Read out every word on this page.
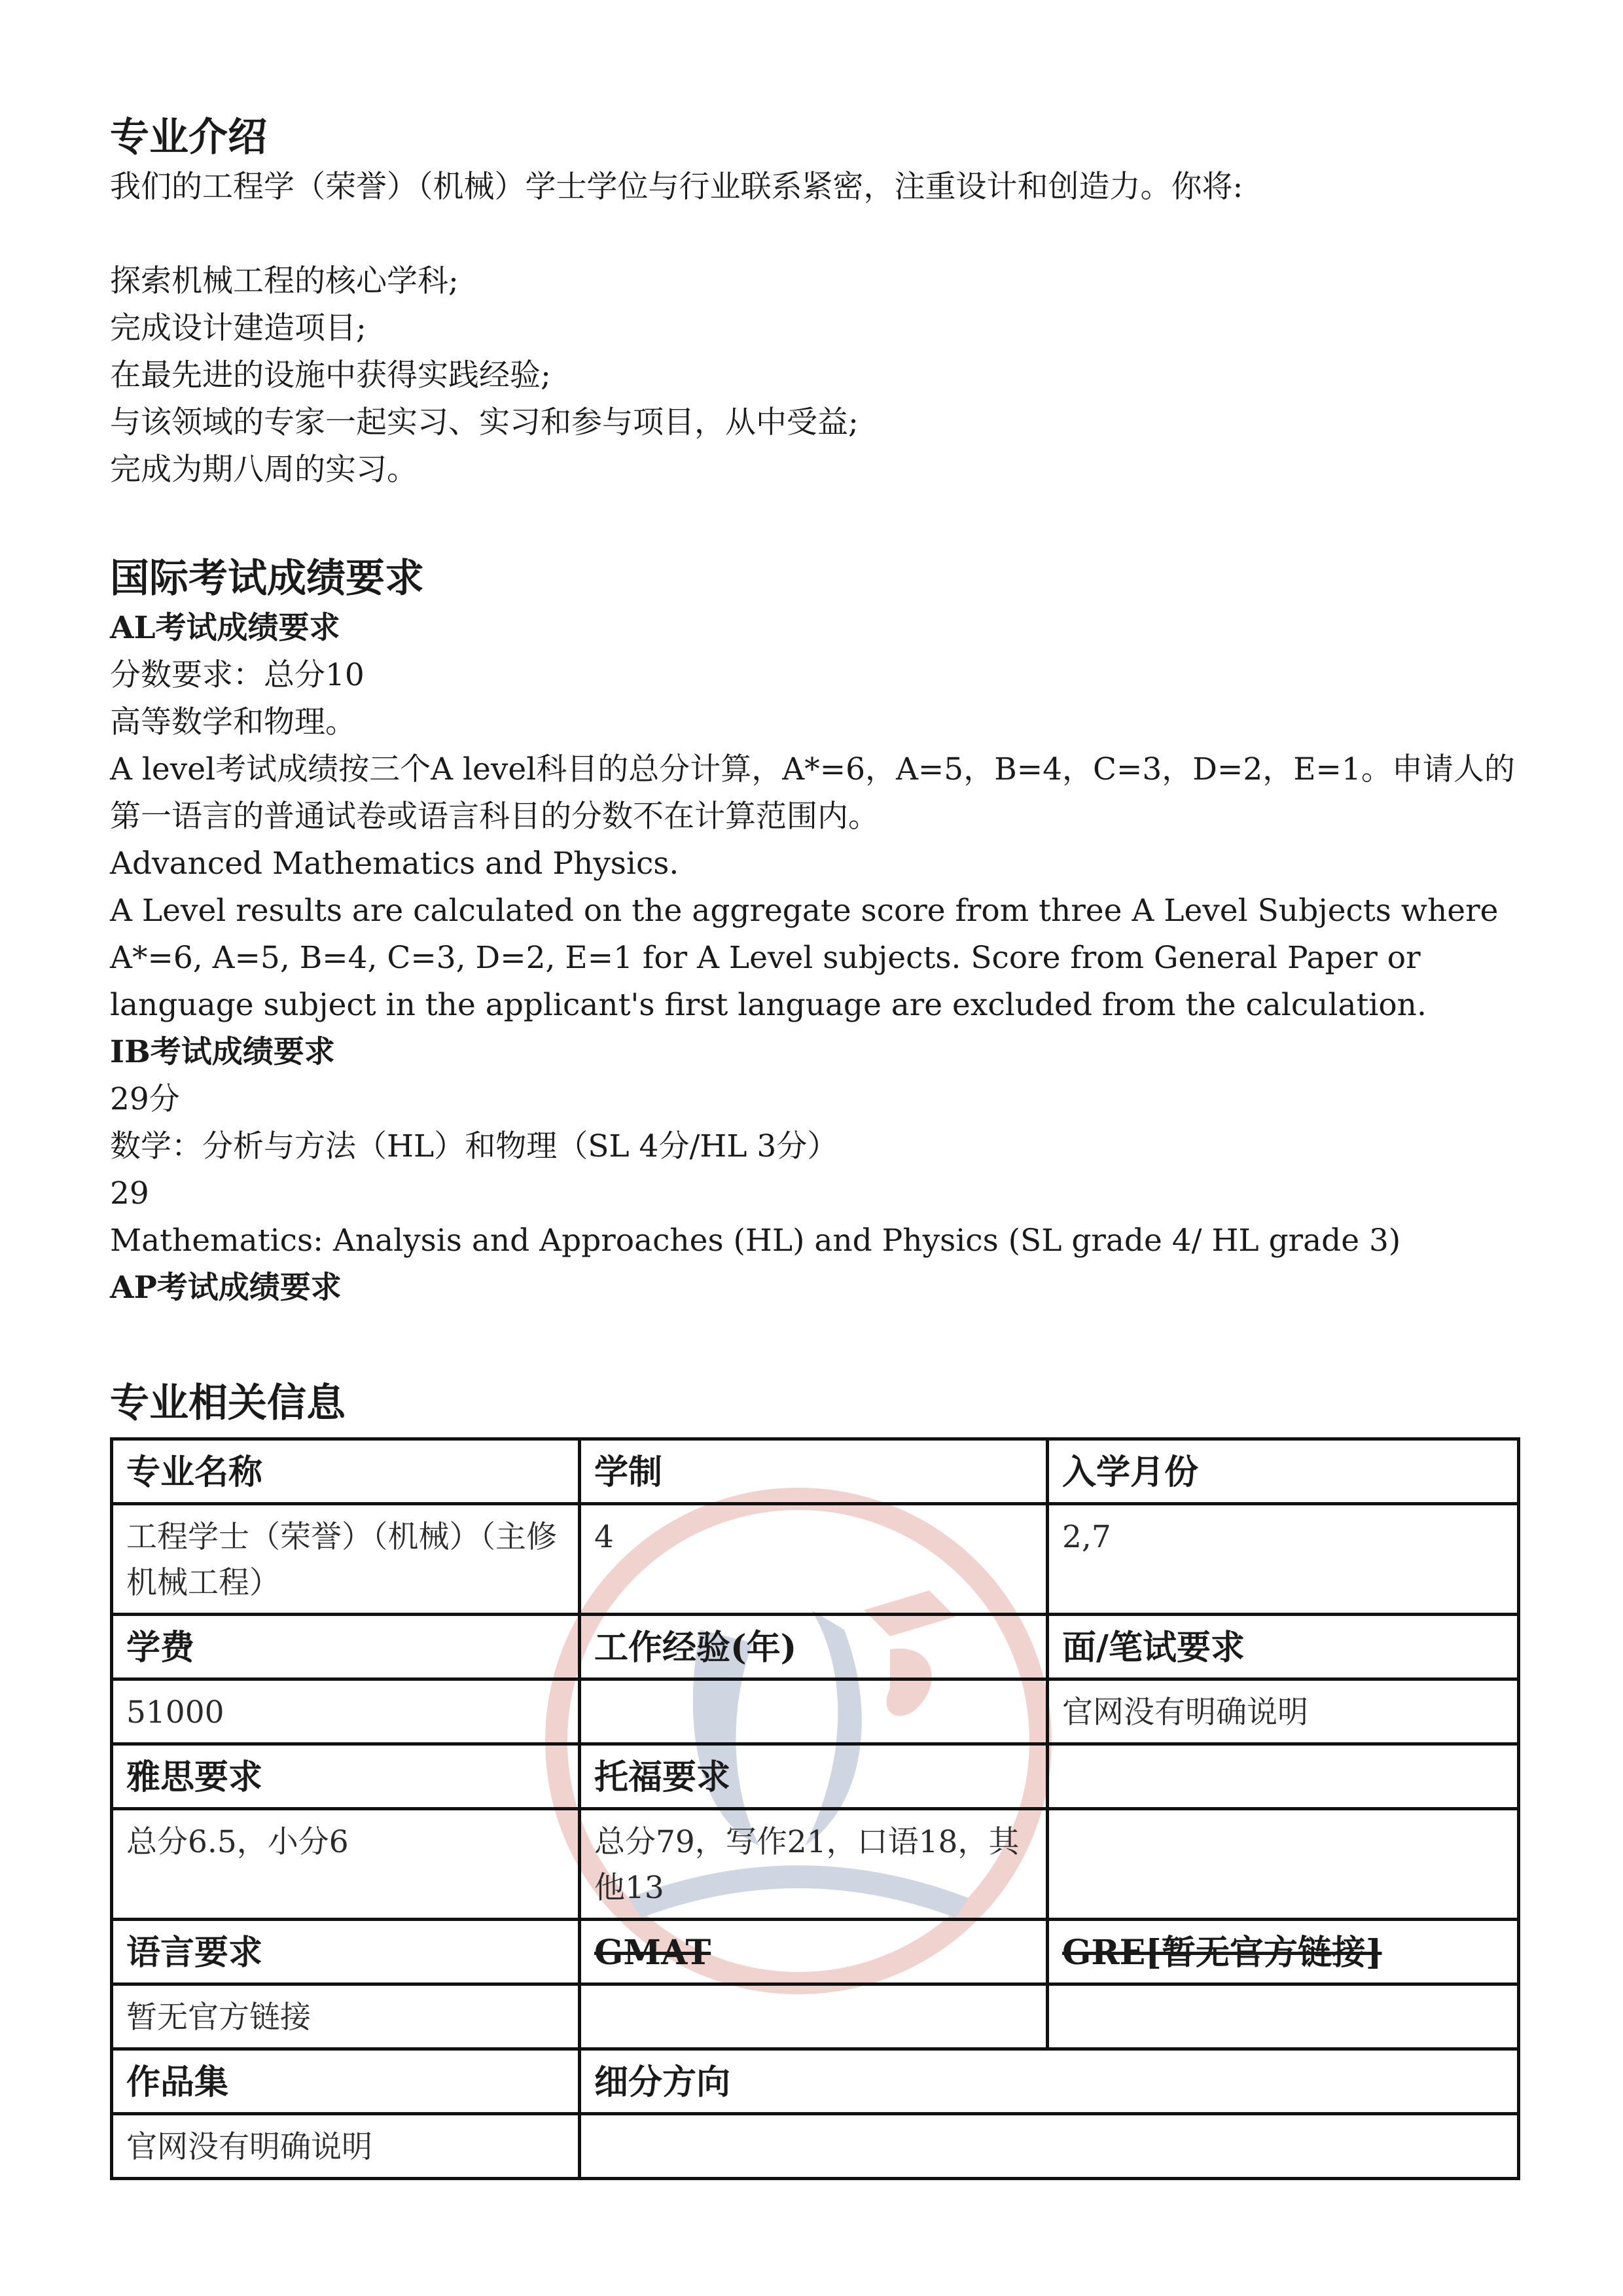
专业介绍

我们的工程学（荣誉）（机械）学士学位与行业联系紧密，注重设计和创造力。你将:

探索机械工程的核心学科;

完成设计建造项目;

在最先进的设施中获得实践经验;

与该领域的专家一起实习、实习和参与项目，从中受益;

完成为期八周的实习。

国际考试成绩要求

AL考试成绩要求

分数要求：总分10

高等数学和物理。

A level考试成绩按三个A level科目的总分计算，A*=6，A=5，B=4，C=3，D=2，E=1。申请人的第一语言的普通试卷或语言科目的分数不在计算范围内。

Advanced Mathematics and Physics.

A Level results are calculated on the aggregate score from three A Level Subjects where A*=6, A=5, B=4, C=3, D=2, E=1 for A Level subjects. Score from General Paper or language subject in the applicant's first language are excluded from the calculation.

IB考试成绩要求

29分

数学：分析与方法（HL）和物理（SL 4分/HL 3分）

29

Mathematics: Analysis and Approaches (HL) and Physics (SL grade 4/ HL grade 3)

AP考试成绩要求

专业相关信息
专业名称	学制	入学月份
工程学士（荣誉）（机械）（主修机械工程）	4	2,7
学费	工作经验(年)	面/笔试要求
51000		官网没有明确说明
雅思要求	托福要求	
总分6.5，小分6	总分79，写作21，口语18，其他13	
语言要求	GMAT	GRE[暂无官方链接]
暂无官方链接		
作品集	细分方向	
官网没有明确说明		
